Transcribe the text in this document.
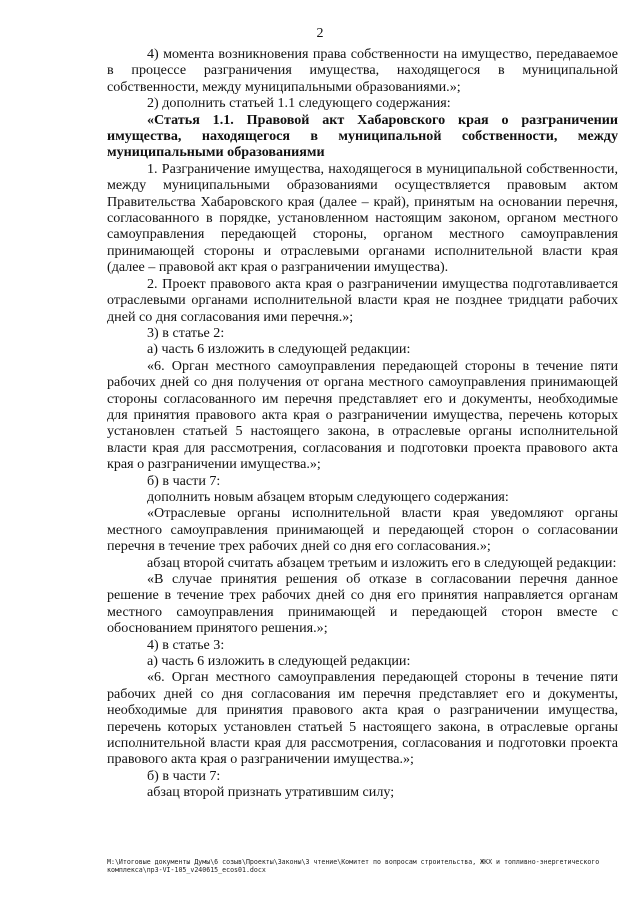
2

4) момента возникновения права собственности на имущество, передаваемое в процессе разграничения имущества, находящегося в муниципальной собственности, между муниципальными образованиями.»;

2) дополнить статьей 1.1 следующего содержания:

«Статья 1.1. Правовой акт Хабаровского края о разграничении имущества, находящегося в муниципальной собственности, между муниципальными образованиями

1. Разграничение имущества, находящегося в муниципальной собственности, между муниципальными образованиями осуществляется правовым актом Правительства Хабаровского края (далее – край), принятым на основании перечня, согласованного в порядке, установленном настоящим законом, органом местного самоуправления передающей стороны, органом местного самоуправления принимающей стороны и отраслевыми органами исполнительной власти края (далее – правовой акт края о разграничении имущества).

2. Проект правового акта края о разграничении имущества подготавливается отраслевыми органами исполнительной власти края не позднее тридцати рабочих дней со дня согласования ими перечня.»;

3) в статье 2:

а) часть 6 изложить в следующей редакции:

«6. Орган местного самоуправления передающей стороны в течение пяти рабочих дней со дня получения от органа местного самоуправления принимающей стороны согласованного им перечня представляет его и документы, необходимые для принятия правового акта края о разграничении имущества, перечень которых установлен статьей 5 настоящего закона, в отраслевые органы исполнительной власти края для рассмотрения, согласования и подготовки проекта правового акта края о разграничении имущества.»;

б) в части 7:

дополнить новым абзацем вторым следующего содержания:

«Отраслевые органы исполнительной власти края уведомляют органы местного самоуправления принимающей и передающей сторон о согласовании перечня в течение трех рабочих дней со дня его согласования.»;

абзац второй считать абзацем третьим и изложить его в следующей редакции:

«В случае принятия решения об отказе в согласовании перечня данное решение в течение трех рабочих дней со дня его принятия направляется органам местного самоуправления принимающей и передающей сторон вместе с обоснованием принятого решения.»;

4) в статье 3:

а) часть 6 изложить в следующей редакции:

«6. Орган местного самоуправления передающей стороны в течение пяти рабочих дней со дня согласования им перечня представляет его и документы, необходимые для принятия правового акта края о разграничении имущества, перечень которых установлен статьей 5 настоящего закона, в отраслевые органы исполнительной власти края для рассмотрения, согласования и подготовки проекта правового акта края о разграничении имущества.»;

б) в части 7:

абзац второй признать утратившим силу;

M:\Итоговые документы Думы\6 созыв\Проекты\Законы\3 чтение\Комитет по вопросам строительства, ЖКХ и топливно-энергетического комплекса\пр3-VI-105_v240615_ecos01.docx
